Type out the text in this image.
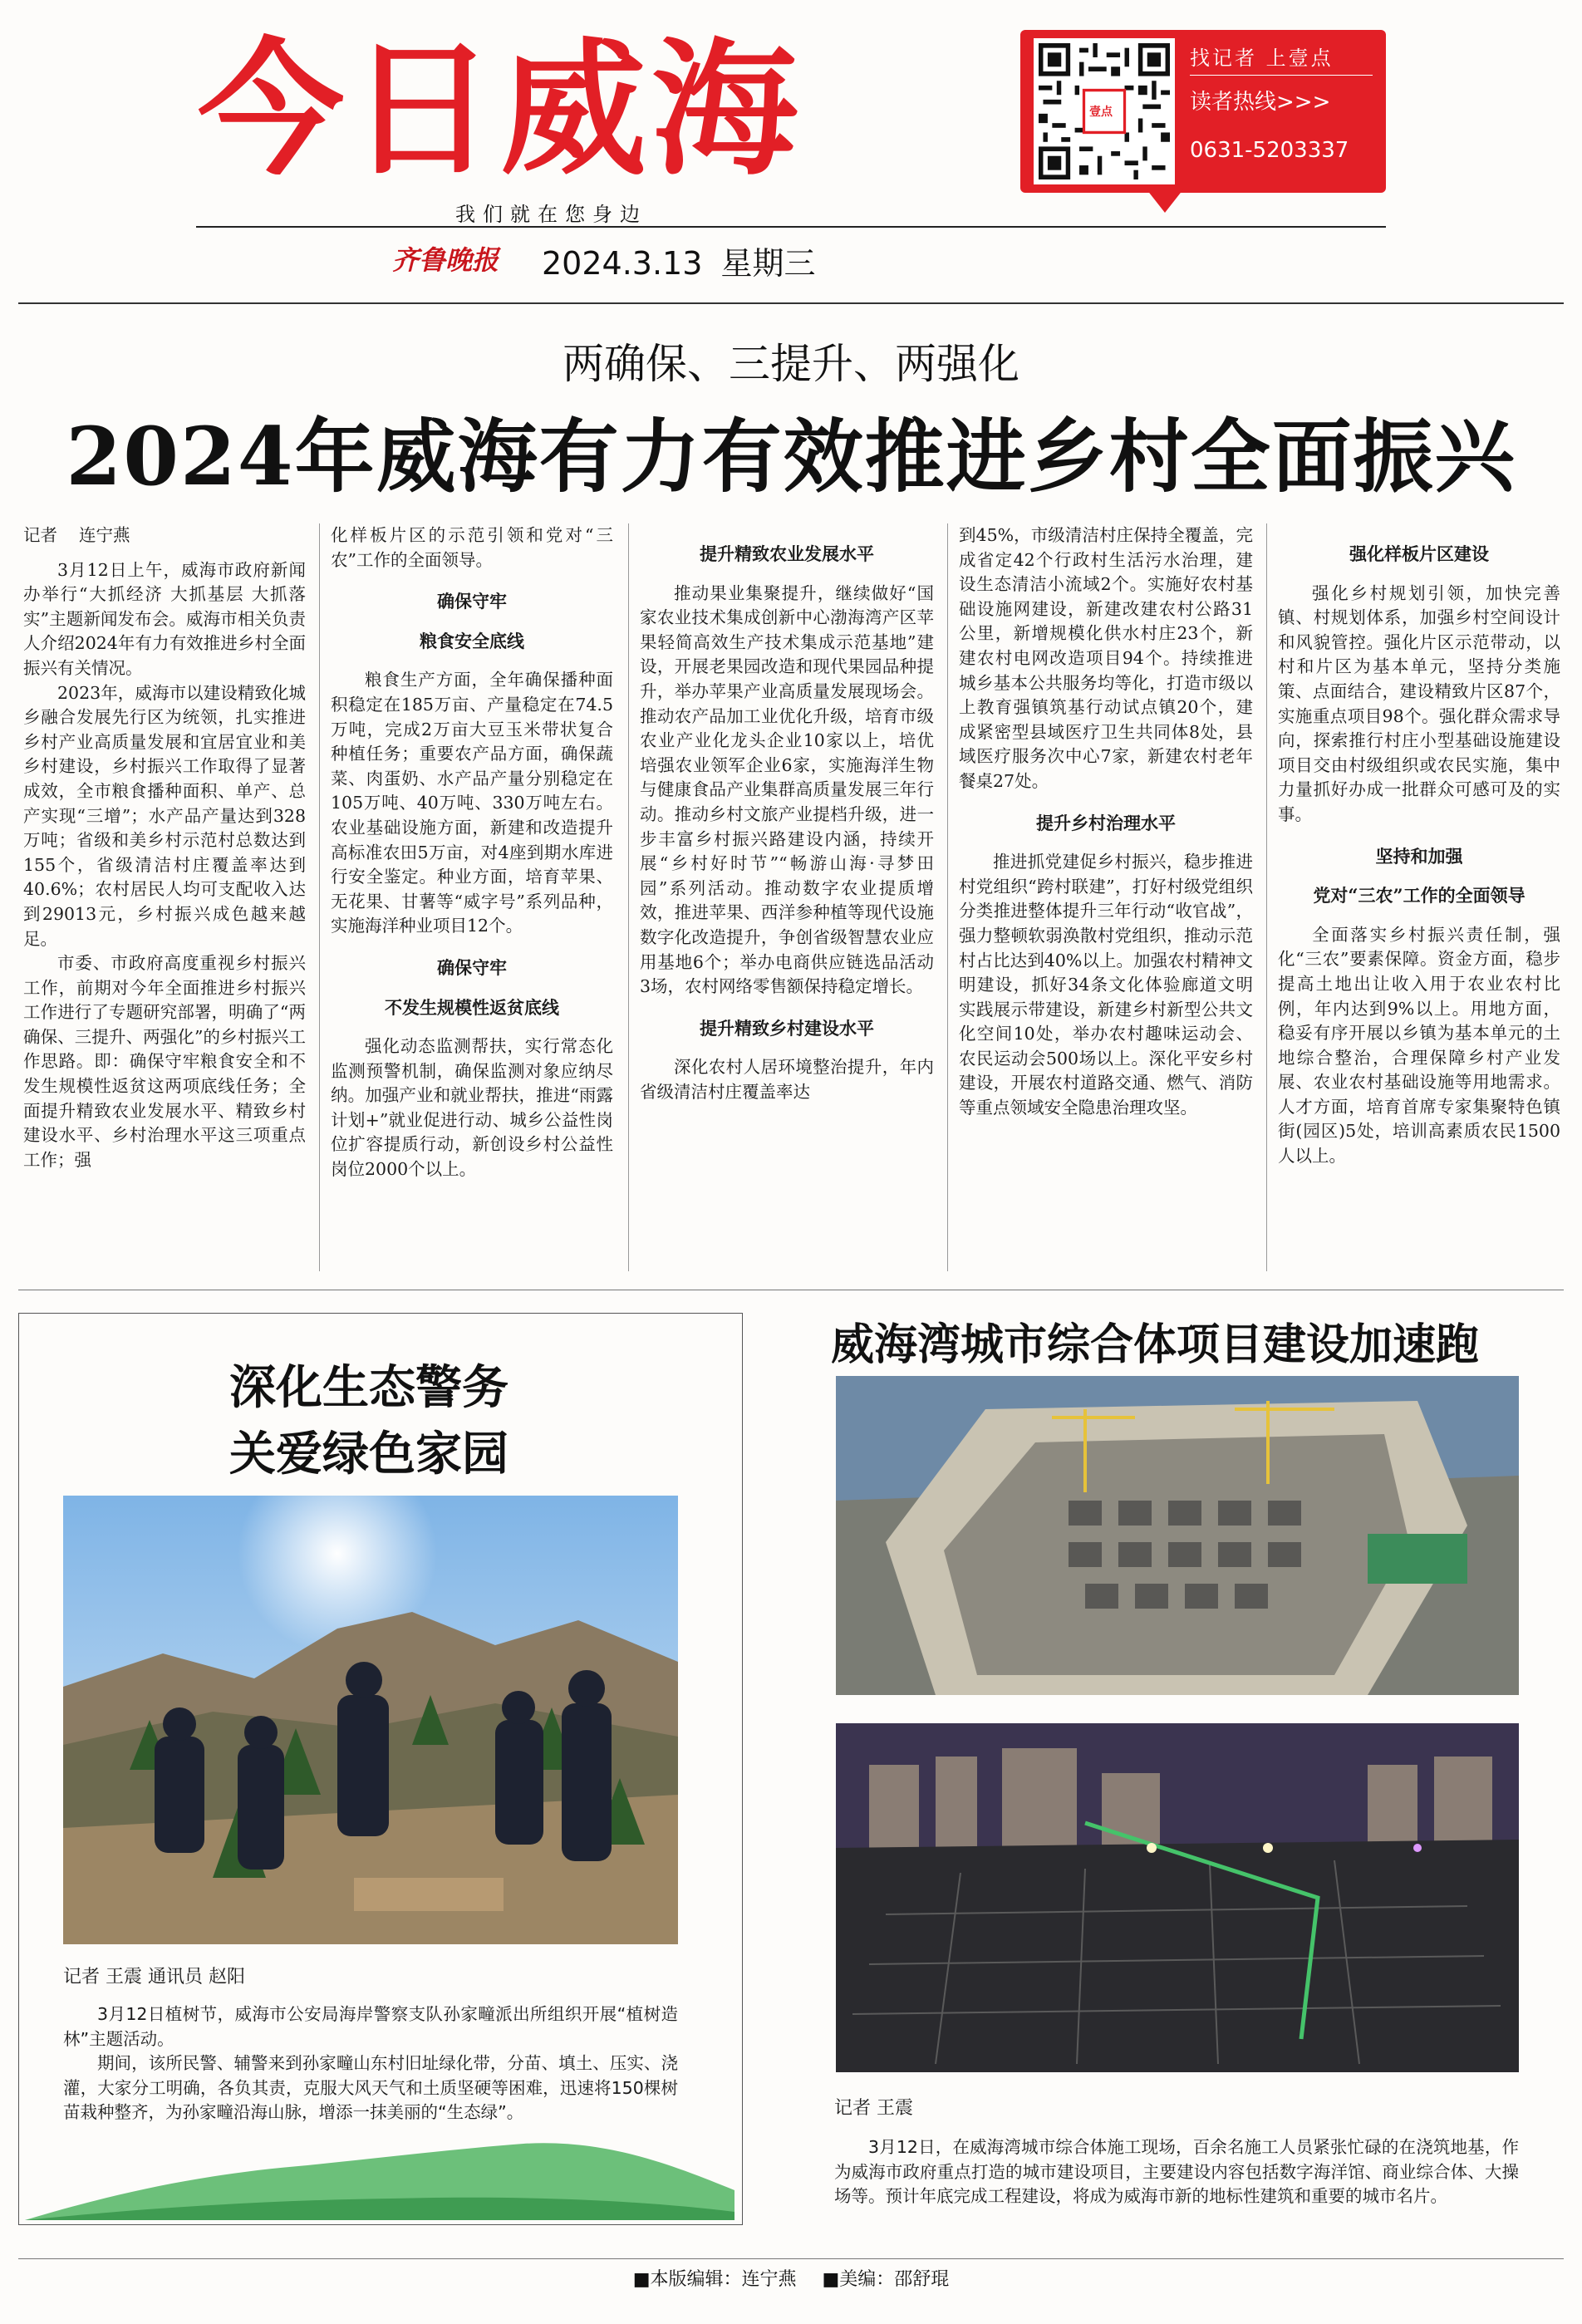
今日威海
我们就在您身边
齐鲁晚报 2024.3.13 星期三
壹点
找记者 上壹点
读者热线>>>
0631-5203337
两确保、三提升、两强化
2024年威海有力有效推进乡村全面振兴

记者 连宁燕

3月12日上午，威海市政府新闻办举行“大抓经济 大抓基层 大抓落实”主题新闻发布会。威海市相关负责人介绍2024年有力有效推进乡村全面振兴有关情况。

2023年，威海市以建设精致化城乡融合发展先行区为统领，扎实推进乡村产业高质量发展和宜居宜业和美乡村建设，乡村振兴工作取得了显著成效，全市粮食播种面积、单产、总产实现“三增”；水产品产量达到328万吨；省级和美乡村示范村总数达到155个，省级清洁村庄覆盖率达到40.6%；农村居民人均可支配收入达到29013元，乡村振兴成色越来越足。

市委、市政府高度重视乡村振兴工作，前期对今年全面推进乡村振兴工作进行了专题研究部署，明确了“两确保、三提升、两强化”的乡村振兴工作思路。即：确保守牢粮食安全和不发生规模性返贫这两项底线任务；全面提升精致农业发展水平、精致乡村建设水平、乡村治理水平这三项重点工作；强

化样板片区的示范引领和党对“三农”工作的全面领导。

确保守牢
粮食安全底线

粮食生产方面，全年确保播种面积稳定在185万亩、产量稳定在74.5万吨，完成2万亩大豆玉米带状复合种植任务；重要农产品方面，确保蔬菜、肉蛋奶、水产品产量分别稳定在105万吨、40万吨、330万吨左右。农业基础设施方面，新建和改造提升高标准农田5万亩，对4座到期水库进行安全鉴定。种业方面，培育苹果、无花果、甘薯等“威字号”系列品种，实施海洋种业项目12个。

确保守牢
不发生规模性返贫底线

强化动态监测帮扶，实行常态化监测预警机制，确保监测对象应纳尽纳。加强产业和就业帮扶，推进“雨露计划+”就业促进行动、城乡公益性岗位扩容提质行动，新创设乡村公益性岗位2000个以上。

提升精致农业发展水平

推动果业集聚提升，继续做好“国家农业技术集成创新中心渤海湾产区苹果轻简高效生产技术集成示范基地”建设，开展老果园改造和现代果园品种提升，举办苹果产业高质量发展现场会。推动农产品加工业优化升级，培育市级农业产业化龙头企业10家以上，培优培强农业领军企业6家，实施海洋生物与健康食品产业集群高质量发展三年行动。推动乡村文旅产业提档升级，进一步丰富乡村振兴路建设内涵，持续开展“乡村好时节”“畅游山海·寻梦田园”系列活动。推动数字农业提质增效，推进苹果、西洋参种植等现代设施数字化改造提升，争创省级智慧农业应用基地6个；举办电商供应链选品活动3场，农村网络零售额保持稳定增长。

提升精致乡村建设水平

深化农村人居环境整治提升，年内省级清洁村庄覆盖率达

到45%，市级清洁村庄保持全覆盖，完成省定42个行政村生活污水治理，建设生态清洁小流域2个。实施好农村基础设施网建设，新建改建农村公路31公里，新增规模化供水村庄23个，新建农村电网改造项目94个。持续推进城乡基本公共服务均等化，打造市级以上教育强镇筑基行动试点镇20个，建成紧密型县域医疗卫生共同体8处，县域医疗服务次中心7家，新建农村老年餐桌27处。

提升乡村治理水平

推进抓党建促乡村振兴，稳步推进村党组织“跨村联建”，打好村级党组织分类推进整体提升三年行动“收官战”，强力整顿软弱涣散村党组织，推动示范村占比达到40%以上。加强农村精神文明建设，抓好34条文化体验廊道文明实践展示带建设，新建乡村新型公共文化空间10处，举办农村趣味运动会、农民运动会500场以上。深化平安乡村建设，开展农村道路交通、燃气、消防等重点领域安全隐患治理攻坚。

强化样板片区建设

强化乡村规划引领，加快完善镇、村规划体系，加强乡村空间设计和风貌管控。强化片区示范带动，以村和片区为基本单元，坚持分类施策、点面结合，建设精致片区87个，实施重点项目98个。强化群众需求导向，探索推行村庄小型基础设施建设项目交由村级组织或农民实施，集中力量抓好办成一批群众可感可及的实事。

坚持和加强
党对“三农”工作的全面领导

全面落实乡村振兴责任制，强化“三农”要素保障。资金方面，稳步提高土地出让收入用于农业农村比例，年内达到9%以上。用地方面，稳妥有序开展以乡镇为基本单元的土地综合整治，合理保障乡村产业发展、农业农村基础设施等用地需求。人才方面，培育首席专家集聚特色镇街(园区)5处，培训高素质农民1500人以上。

深化生态警务
关爱绿色家园
记者 王震 通讯员 赵阳

3月12日植树节，威海市公安局海岸警察支队孙家疃派出所组织开展“植树造林”主题活动。

期间，该所民警、辅警来到孙家疃山东村旧址绿化带，分苗、填土、压实、浇灌，大家分工明确，各负其责，克服大风天气和土质坚硬等困难，迅速将150棵树苗栽种整齐，为孙家疃沿海山脉，增添一抹美丽的“生态绿”。

威海湾城市综合体项目建设加速跑
记者 王震

3月12日，在威海湾城市综合体施工现场，百余名施工人员紧张忙碌的在浇筑地基，作为威海市政府重点打造的城市建设项目，主要建设内容包括数字海洋馆、商业综合体、大操场等。预计年底完成工程建设，将成为威海市新的地标性建筑和重要的城市名片。

■本版编辑：连宁燕 ■美编：邵舒琨
